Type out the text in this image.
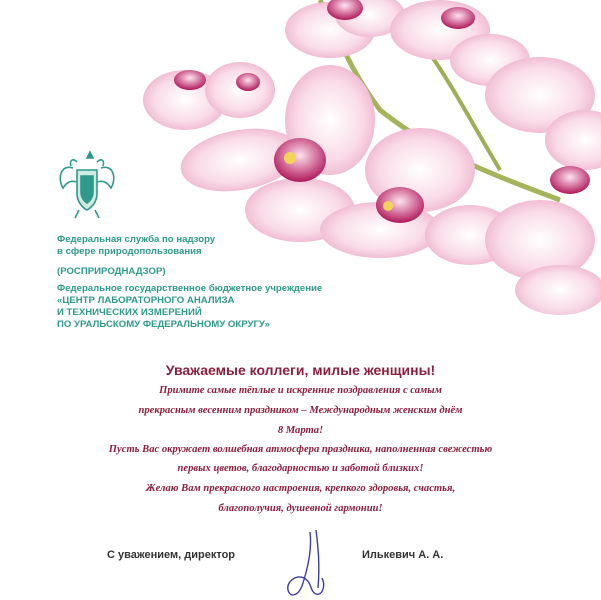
Федеральная служба по надзору
в сфере природопользования
(РОСПРИРОДНАДЗОР)
Федеральное государственное бюджетное учреждение
«ЦЕНТР ЛАБОРАТОРНОГО АНАЛИЗА
И ТЕХНИЧЕСКИХ ИЗМЕРЕНИЙ
ПО УРАЛЬСКОМУ ФЕДЕРАЛЬНОМУ ОКРУГУ»
Уважаемые коллеги, милые женщины!
Примите самые тёплые и искренние поздравления с самым
прекрасным весенним праздником – Международным женским днём
8 Марта!
Пусть Вас окружает волшебная атмосфера праздника, наполненная свежестью
первых цветов, благодарностью и заботой близких!
Желаю Вам прекрасного настроения, крепкого здоровья, счастья,
благополучия, душевной гармонии!
С уважением, директор	Илькевич А. А.
